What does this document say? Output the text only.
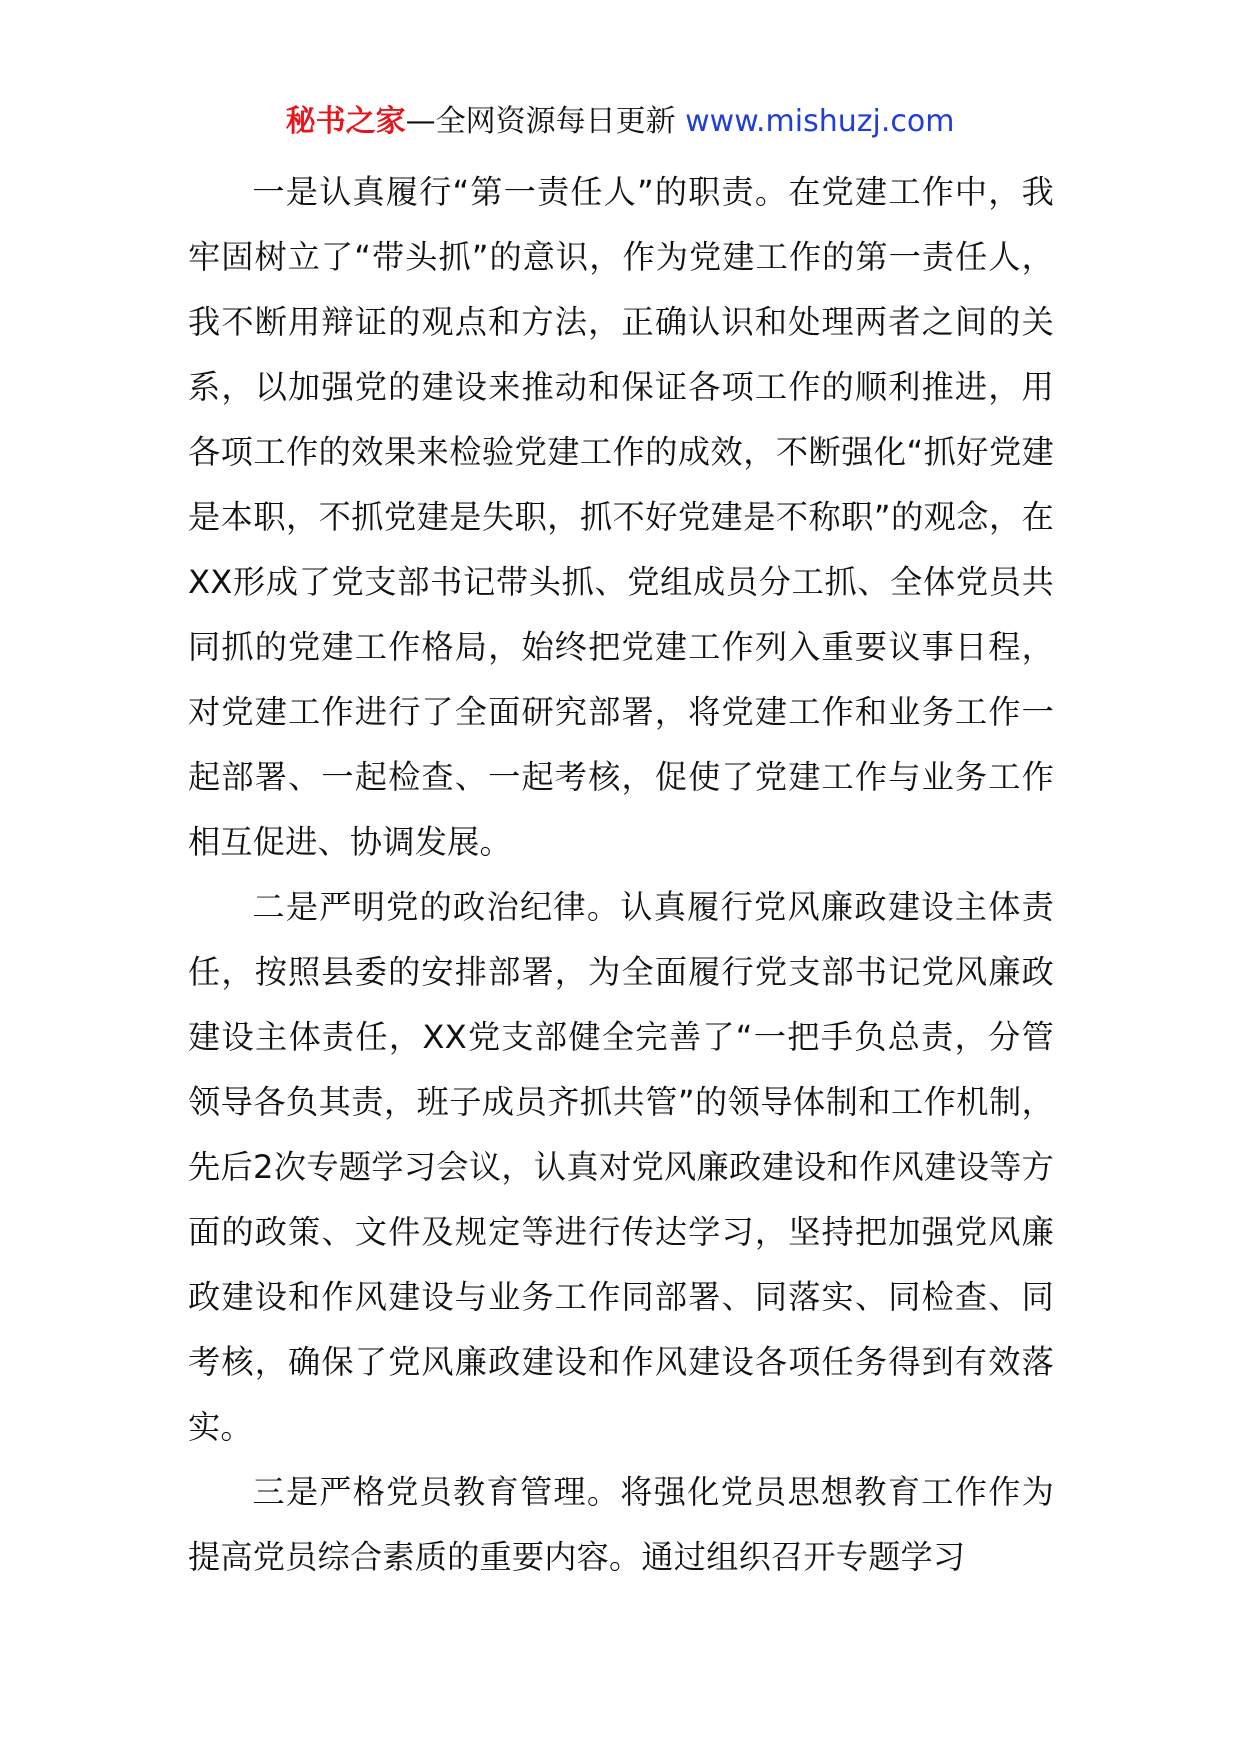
秘书之家—全网资源每日更新 www.mishuzj.com

一是认真履行“第一责任人”的职责。在党建工作中，我牢固树立了“带头抓”的意识，作为党建工作的第一责任人，我不断用辩证的观点和方法，正确认识和处理两者之间的关系，以加强党的建设来推动和保证各项工作的顺利推进，用各项工作的效果来检验党建工作的成效，不断强化“抓好党建是本职，不抓党建是失职，抓不好党建是不称职”的观念，在XX形成了党支部书记带头抓、党组成员分工抓、全体党员共同抓的党建工作格局，始终把党建工作列入重要议事日程，对党建工作进行了全面研究部署，将党建工作和业务工作一起部署、一起检查、一起考核，促使了党建工作与业务工作相互促进、协调发展。

二是严明党的政治纪律。认真履行党风廉政建设主体责任，按照县委的安排部署，为全面履行党支部书记党风廉政建设主体责任，XX党支部健全完善了“一把手负总责，分管领导各负其责，班子成员齐抓共管”的领导体制和工作机制，先后2次专题学习会议，认真对党风廉政建设和作风建设等方面的政策、文件及规定等进行传达学习，坚持把加强党风廉政建设和作风建设与业务工作同部署、同落实、同检查、同考核，确保了党风廉政建设和作风建设各项任务得到有效落实。

三是严格党员教育管理。将强化党员思想教育工作作为提高党员综合素质的重要内容。通过组织召开专题学习
